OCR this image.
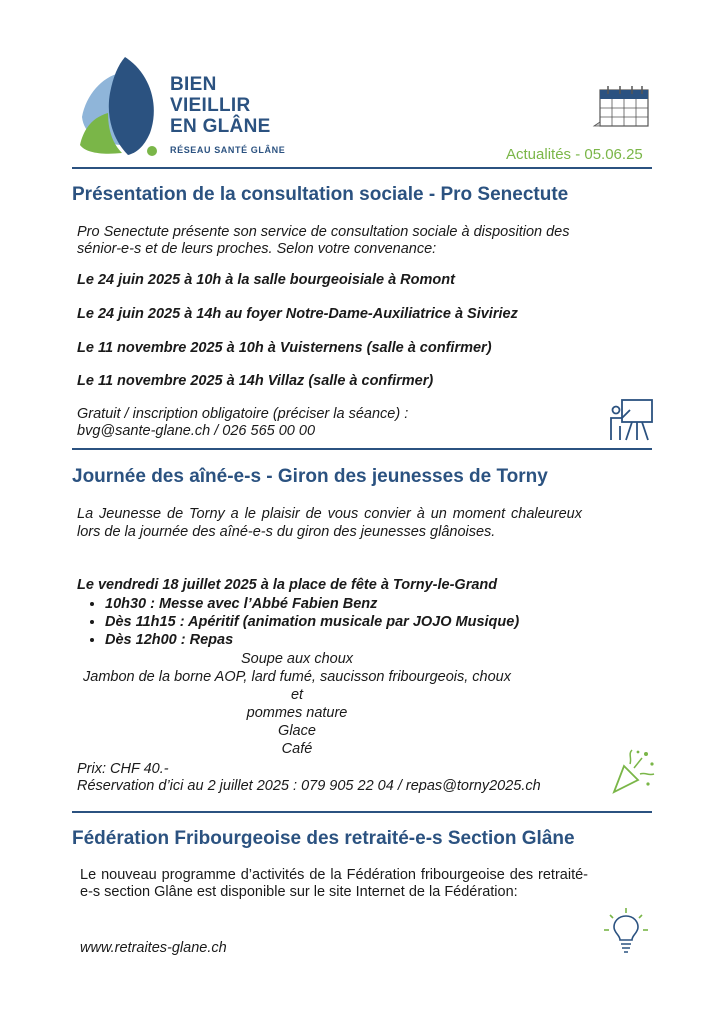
BIEN
VIEILLIR
EN GLÂNE
RÉSEAU SANTÉ GLÂNE	Actualités - 05.06.25
Présentation de la consultation sociale - Pro Senectute
Pro Senectute présente son service de consultation sociale à disposition des sénior-e-s et de leurs proches. Selon votre convenance:
Le 24 juin 2025 à 10h à la salle bourgeoisiale à Romont
Le 24 juin 2025 à 14h au foyer Notre-Dame-Auxiliatrice à Siviriez
Le 11 novembre 2025 à 10h à Vuisternens (salle à confirmer)
Le 11 novembre 2025 à 14h Villaz (salle à confirmer)
Gratuit / inscription obligatoire (préciser la séance) :
bvg@sante-glane.ch / 026 565 00 00
Journée des aîné-e-s - Giron des jeunesses de Torny
La Jeunesse de Torny a le plaisir de vous convier à un moment chaleureux lors de la journée des aîné-e-s du giron des jeunesses glânoises.
Le vendredi 18 juillet 2025 à la place de fête à Torny-le-Grand
• 10h30 : Messe avec l’Abbé Fabien Benz
• Dès 11h15 : Apéritif (animation musicale par JOJO Musique)
• Dès 12h00 : Repas
Soupe aux choux
Jambon de la borne AOP, lard fumé, saucisson fribourgeois, choux et
pommes nature
Glace
Café
Prix: CHF 40.-
Réservation d’ici au 2 juillet 2025 : 079 905 22 04 / repas@torny2025.ch
Fédération Fribourgeoise des retraité-e-s Section Glâne
Le nouveau programme d’activités de la Fédération fribourgeoise des retraité-e-s section Glâne est disponible sur le site Internet de la Fédération:
www.retraites-glane.ch
